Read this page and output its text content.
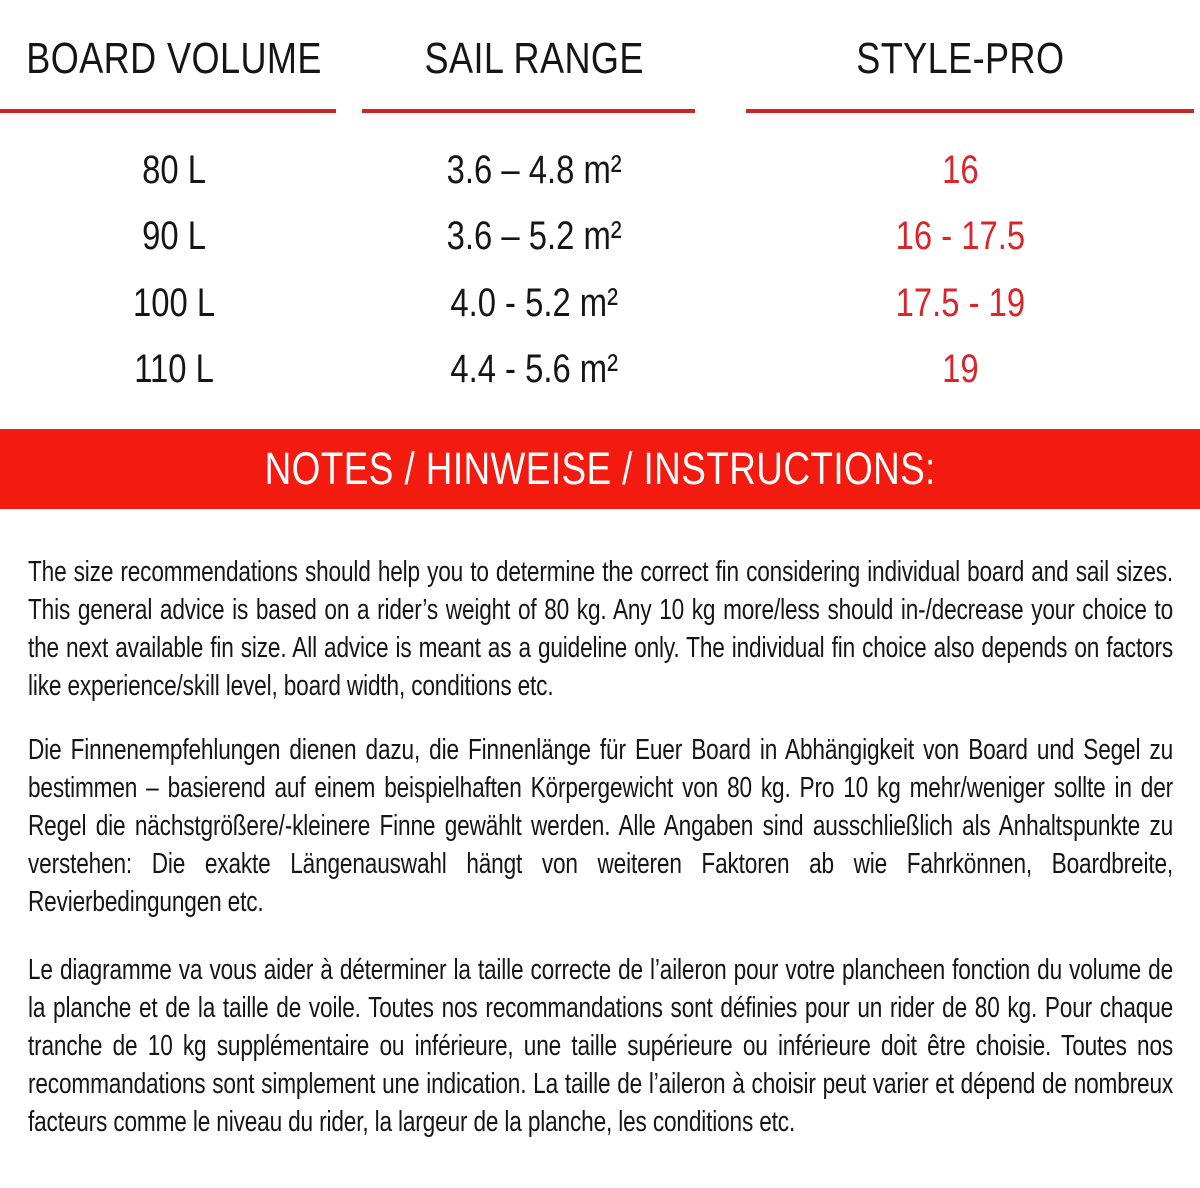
BOARD VOLUME	SAIL RANGE	STYLE-PRO
80 L	3.6 – 4.8 m²	16
90 L	3.6 – 5.2 m²	16 - 17.5
100 L	4.0 - 5.2 m²	17.5 - 19
110 L	4.4 - 5.6 m²	19
NOTES / HINWEISE / INSTRUCTIONS:

The size recommendations should help you to determine the correct fin considering individual board and sail sizes. This general advice is based on a rider’s weight of 80 kg. Any 10 kg more/less should in-/decrease your choice to the next available fin size. All advice is meant as a guideline only. The individual fin choice also depends on factors like experience/skill level, board width, conditions etc.

Die Finnenempfehlungen dienen dazu, die Finnenlänge für Euer Board in Abhängigkeit von Board und Segel zu bestimmen – basierend auf einem beispielhaften Körpergewicht von 80 kg. Pro 10 kg mehr/weniger sollte in der Regel die nächstgrößere/-kleinere Finne gewählt werden. Alle Angaben sind ausschließlich als Anhaltspunkte zu verstehen: Die exakte Längenauswahl hängt von weiteren Faktoren ab wie Fahrkönnen, Boardbreite, Revierbedingungen etc.

Le diagramme va vous aider à déterminer la taille correcte de l’aileron pour votre plancheen fonction du volume de la planche et de la taille de voile. Toutes nos recommandations sont définies pour un rider de 80 kg. Pour chaque tranche de 10 kg supplémentaire ou inférieure, une taille supérieure ou inférieure doit être choisie. Toutes nos recommandations sont simplement une indication. La taille de l’aileron à choisir peut varier et dépend de nombreux facteurs comme le niveau du rider, la largeur de la planche, les conditions etc.
